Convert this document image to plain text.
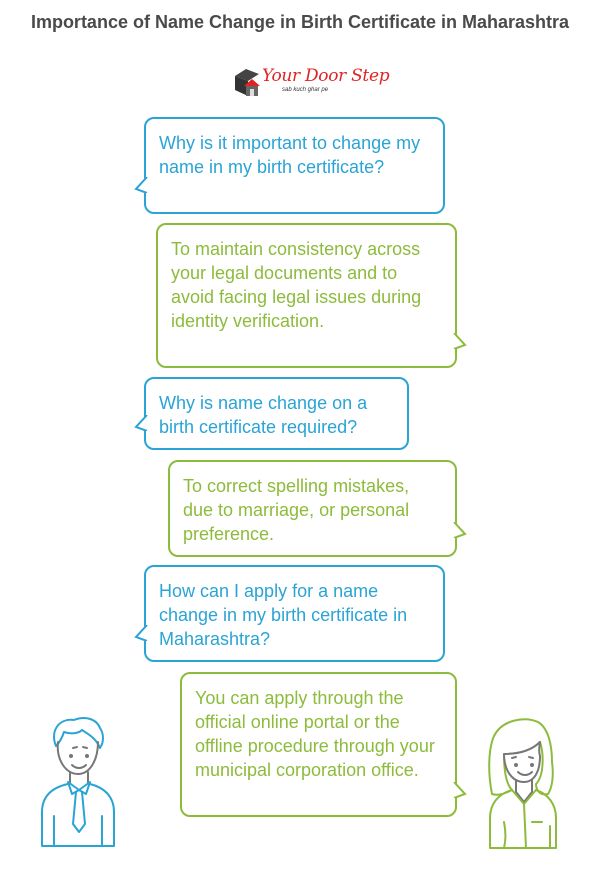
Importance of Name Change in Birth Certificate in Maharashtra
Your Door Step
sab kuch ghar pe
Why is it important to change my name in my birth certificate?
To maintain consistency across your legal documents and to avoid facing legal issues during identity verification.
Why is name change on a birth certificate required?
To correct spelling mistakes, due to marriage, or personal preference.
How can I apply for a name change in my birth certificate in Maharashtra?
You can apply through the official online portal or the offline procedure through your municipal corporation office.
